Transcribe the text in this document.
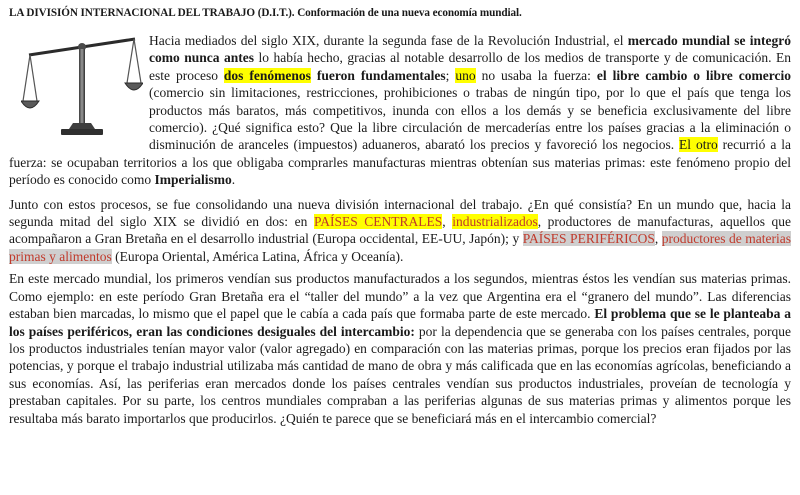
LA DIVISIÓN INTERNACIONAL DEL TRABAJO (D.I.T.). Conformación de una nueva economía mundial.

Hacia mediados del siglo XIX, durante la segunda fase de la Revolución Industrial, el mercado mundial se integró como nunca antes lo había hecho, gracias al notable desarrollo de los medios de transporte y de comunicación. En este proceso dos fenómenos fueron fundamentales; uno no usaba la fuerza: el libre cambio o libre comercio (comercio sin limitaciones, restricciones, prohibiciones o trabas de ningún tipo, por lo que el país que tenga los productos más baratos, más competitivos, inunda con ellos a los demás y se beneficia exclusivamente del libre comercio). ¿Qué significa esto? Que la libre circulación de mercaderías entre los países gracias a la eliminación o disminución de aranceles (impuestos) aduaneros, abarató los precios y favoreció los negocios. El otro recurrió a la fuerza: se ocupaban territorios a los que obligaba comprarles manufacturas mientras obtenían sus materias primas: este fenómeno propio del período es conocido como Imperialismo.

Junto con estos procesos, se fue consolidando una nueva división internacional del trabajo. ¿En qué consistía? En un mundo que, hacia la segunda mitad del siglo XIX se dividió en dos: en PAÍSES CENTRALES, industrializados, productores de manufacturas, aquellos que acompañaron a Gran Bretaña en el desarrollo industrial (Europa occidental, EE-UU, Japón); y PAÍSES PERIFÉRICOS, productores de materias primas y alimentos (Europa Oriental, América Latina, África y Oceanía).

En este mercado mundial, los primeros vendían sus productos manufacturados a los segundos, mientras éstos les vendían sus materias primas. Como ejemplo: en este período Gran Bretaña era el “taller del mundo” a la vez que Argentina era el “granero del mundo”. Las diferencias estaban bien marcadas, lo mismo que el papel que le cabía a cada país que formaba parte de este mercado. El problema que se le planteaba a los países periféricos, eran las condiciones desiguales del intercambio: por la dependencia que se generaba con los países centrales, porque los productos industriales tenían mayor valor (valor agregado) en comparación con las materias primas, porque los precios eran fijados por las potencias, y porque el trabajo industrial utilizaba más cantidad de mano de obra y más calificada que en las economías agrícolas, beneficiando a sus economías. Así, las periferias eran mercados donde los países centrales vendían sus productos industriales, proveían de tecnología y prestaban capitales. Por su parte, los centros mundiales compraban a las periferias algunas de sus materias primas y alimentos porque les resultaba más barato importarlos que producirlos. ¿Quién te parece que se beneficiará más en el intercambio comercial?
